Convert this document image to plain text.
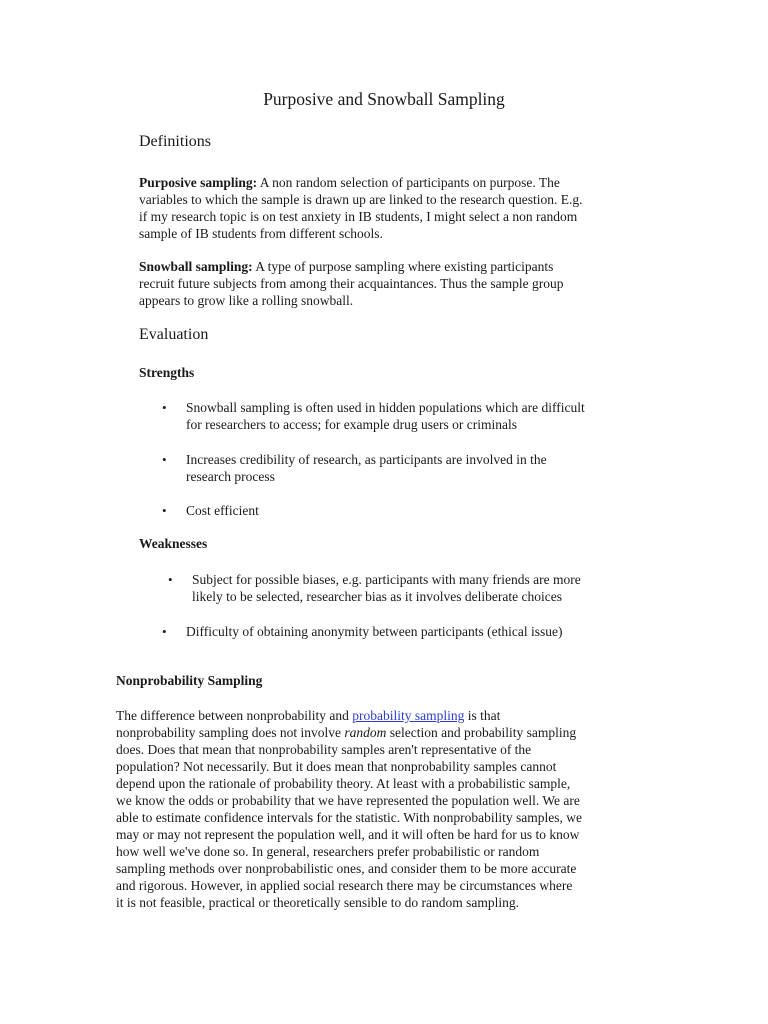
Purposive and Snowball Sampling
Definitions
Purposive sampling: A non random selection of participants on purpose. The
variables to which the sample is drawn up are linked to the research question. E.g.
if my research topic is on test anxiety in IB students, I might select a non random
sample of IB students from different schools.
Snowball sampling: A type of purpose sampling where existing participants
recruit future subjects from among their acquaintances. Thus the sample group
appears to grow like a rolling snowball.
Evaluation
Strengths
• Snowball sampling is often used in hidden populations which are difficult
for researchers to access; for example drug users or criminals
• Increases credibility of research, as participants are involved in the
research process
• Cost efficient
Weaknesses
• Subject for possible biases, e.g. participants with many friends are more
likely to be selected, researcher bias as it involves deliberate choices
• Difficulty of obtaining anonymity between participants (ethical issue)
Nonprobability Sampling
The difference between nonprobability and probability sampling is that
nonprobability sampling does not involve random selection and probability sampling
does. Does that mean that nonprobability samples aren't representative of the
population? Not necessarily. But it does mean that nonprobability samples cannot
depend upon the rationale of probability theory. At least with a probabilistic sample,
we know the odds or probability that we have represented the population well. We are
able to estimate confidence intervals for the statistic. With nonprobability samples, we
may or may not represent the population well, and it will often be hard for us to know
how well we've done so. In general, researchers prefer probabilistic or random
sampling methods over nonprobabilistic ones, and consider them to be more accurate
and rigorous. However, in applied social research there may be circumstances where
it is not feasible, practical or theoretically sensible to do random sampling.
